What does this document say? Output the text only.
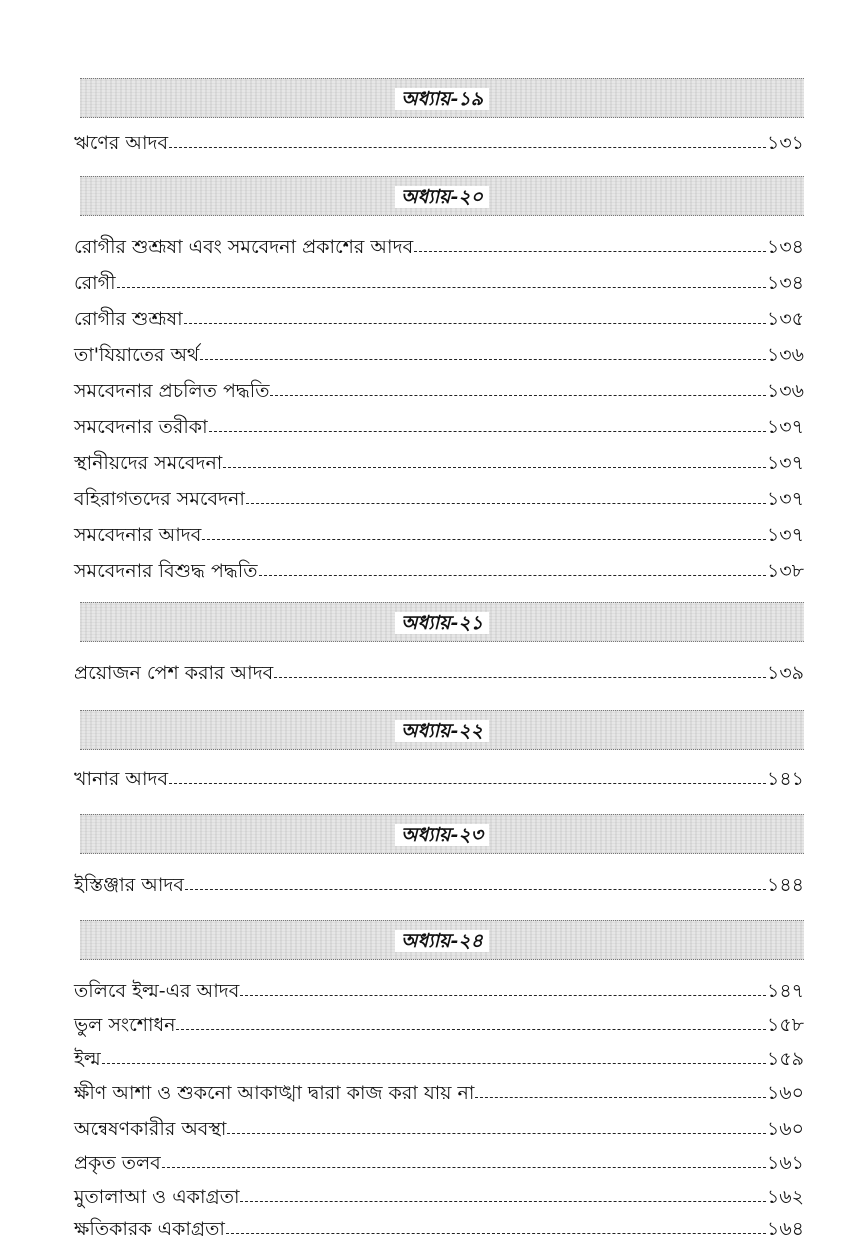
অধ্যায়-১৯
ঋণের আদব	১৩১
অধ্যায়-২০
রোগীর শুশ্রূষা এবং সমবেদনা প্রকাশের আদব	১৩৪
রোগী	১৩৪
রোগীর শুশ্রূষা	১৩৫
তা'যিয়াতের অর্থ	১৩৬
সমবেদনার প্রচলিত পদ্ধতি	১৩৬
সমবেদনার তরীকা	১৩৭
স্থানীয়দের সমবেদনা	১৩৭
বহিরাগতদের সমবেদনা	১৩৭
সমবেদনার আদব	১৩৭
সমবেদনার বিশুদ্ধ পদ্ধতি	১৩৮
অধ্যায়-২১
প্রয়োজন পেশ করার আদব	১৩৯
অধ্যায়-২২
খানার আদব	১৪১
অধ্যায়-২৩
ইস্তিঞ্জার আদব	১৪৪
অধ্যায়-২৪
তলিবে ইল্ম-এর আদব	১৪৭
ভুল সংশোধন	১৫৮
ইল্ম	১৫৯
ক্ষীণ আশা ও শুকনো আকাঙ্খা দ্বারা কাজ করা যায় না	১৬০
অন্বেষণকারীর অবস্থা	১৬০
প্রকৃত তলব	১৬১
মুতালাআ ও একাগ্রতা	১৬২
ক্ষতিকারক একাগ্রতা	১৬৪
